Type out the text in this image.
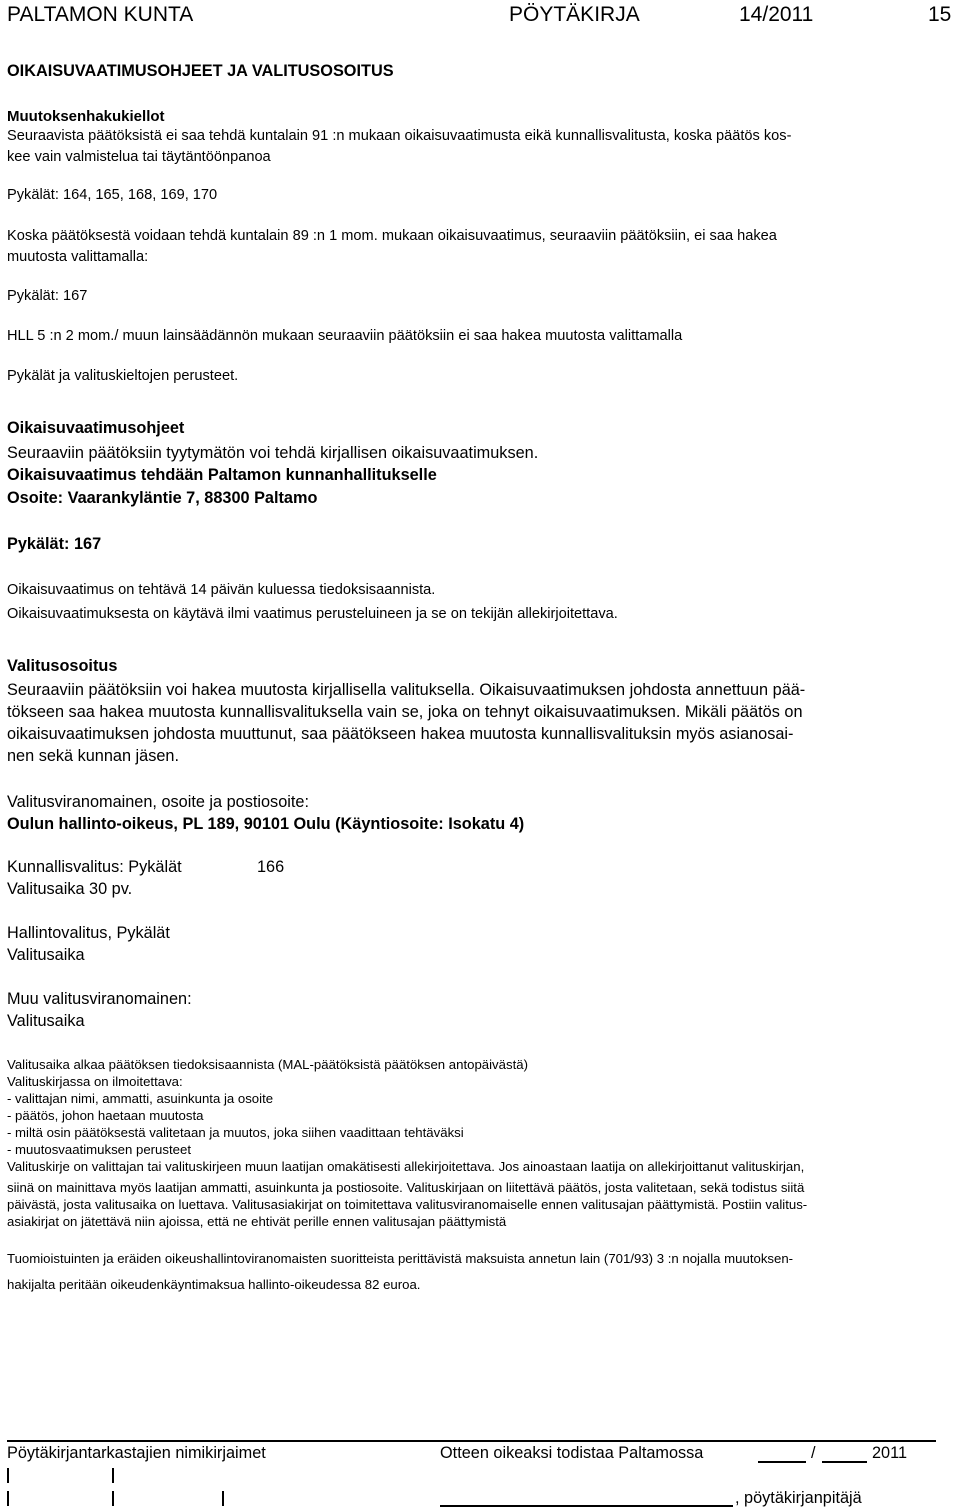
PALTAMON KUNTA	PÖYTÄKIRJA	14/2011	15
OIKAISUVAATIMUSOHJEET JA VALITUSOSOITUS
Muutoksenhakukiellot
Seuraavista päätöksistä ei saa tehdä kuntalain 91 :n mukaan oikaisuvaatimusta eikä kunnallisvalitusta, koska päätös kos-
kee vain valmistelua tai täytäntöönpanoa
Pykälät: 164, 165, 168, 169, 170
Koska päätöksestä voidaan tehdä kuntalain 89 :n 1 mom. mukaan oikaisuvaatimus, seuraaviin päätöksiin, ei saa hakea
muutosta valittamalla:
Pykälät: 167
HLL 5 :n 2 mom./ muun lainsäädännön mukaan seuraaviin päätöksiin ei saa hakea muutosta valittamalla
Pykälät ja valituskieltojen perusteet.
Oikaisuvaatimusohjeet
Seuraaviin päätöksiin tyytymätön voi tehdä kirjallisen oikaisuvaatimuksen.
Oikaisuvaatimus tehdään Paltamon kunnanhallitukselle
Osoite: Vaarankyläntie 7, 88300 Paltamo
Pykälät: 167
Oikaisuvaatimus on tehtävä 14 päivän kuluessa tiedoksisaannista.
Oikaisuvaatimuksesta on käytävä ilmi vaatimus perusteluineen ja se on tekijän allekirjoitettava.
Valitusosoitus
Seuraaviin päätöksiin voi hakea muutosta kirjallisella valituksella. Oikaisuvaatimuksen johdosta annettuun pää-
tökseen saa hakea muutosta kunnallisvalituksella vain se, joka on tehnyt oikaisuvaatimuksen. Mikäli päätös on
oikaisuvaatimuksen johdosta muuttunut, saa päätökseen hakea muutosta kunnallisvalituksin myös asianosai-
nen sekä kunnan jäsen.
Valitusviranomainen, osoite ja postiosoite:
Oulun hallinto-oikeus, PL 189, 90101 Oulu (Käyntiosoite: Isokatu 4)
Kunnallisvalitus: Pykälät	166
Valitusaika 30 pv.
Hallintovalitus, Pykälät
Valitusaika
Muu valitusviranomainen:
Valitusaika
Valitusaika alkaa päätöksen tiedoksisaannista (MAL-päätöksistä päätöksen antopäivästä)
Valituskirjassa on ilmoitettava:
- valittajan nimi, ammatti, asuinkunta ja osoite
- päätös, johon haetaan muutosta
- miltä osin päätöksestä valitetaan ja muutos, joka siihen vaadittaan tehtäväksi
- muutosvaatimuksen perusteet
Valituskirje on valittajan tai valituskirjeen muun laatijan omakätisesti allekirjoitettava. Jos ainoastaan laatija on allekirjoittanut valituskirjan,
siinä on mainittava myös laatijan ammatti, asuinkunta ja postiosoite. Valituskirjaan on liitettävä päätös, josta valitetaan, sekä todistus siitä
päivästä, josta valitusaika on luettava. Valitusasiakirjat on toimitettava valitusviranomaiselle ennen valitusajan päättymistä. Postiin valitus-
asiakirjat on jätettävä niin ajoissa, että ne ehtivät perille ennen valitusajan päättymistä
Tuomioistuinten ja eräiden oikeushallintoviranomaisten suoritteista perittävistä maksuista annetun lain (701/93) 3 :n nojalla muutoksen-
hakijalta peritään oikeudenkäyntimaksua hallinto-oikeudessa 82 euroa.
Pöytäkirjantarkastajien nimikirjaimet	Otteen oikeaksi todistaa Paltamossa	/	2011
, pöytäkirjanpitäjä
